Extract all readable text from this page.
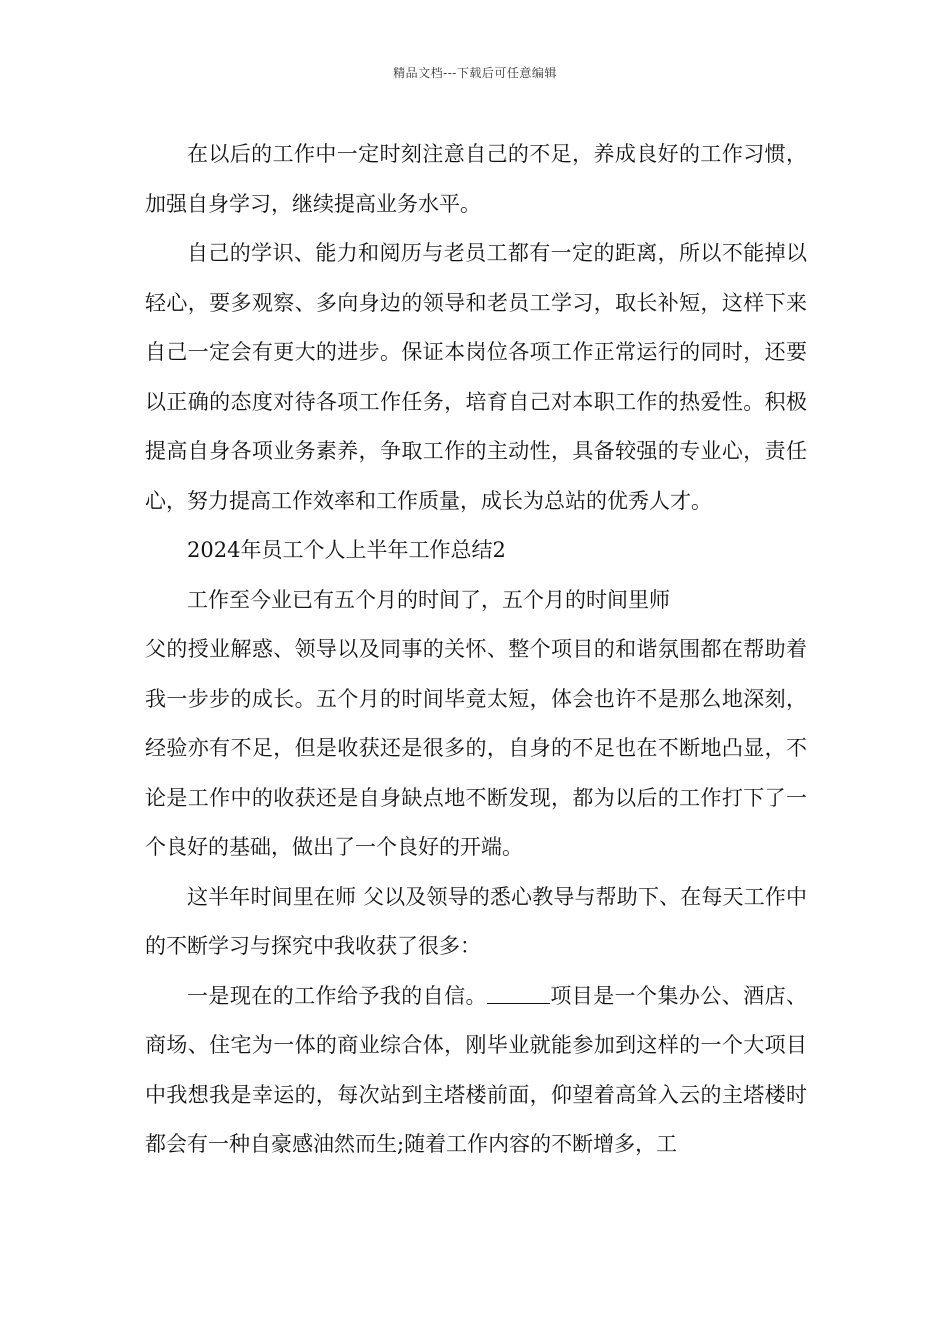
精品文档---下载后可任意编辑

在以后的工作中一定时刻注意自己的不足，养成良好的工作习惯，加强自身学习，继续提高业务水平。

自己的学识、能力和阅历与老员工都有一定的距离，所以不能掉以轻心，要多观察、多向身边的领导和老员工学习，取长补短，这样下来自己一定会有更大的进步。保证本岗位各项工作正常运行的同时，还要以正确的态度对待各项工作任务，培育自己对本职工作的热爱性。积极提高自身各项业务素养，争取工作的主动性，具备较强的专业心，责任心，努力提高工作效率和工作质量，成长为总站的优秀人才。

2024年员工个人上半年工作总结2

工作至今业已有五个月的时间了，五个月的时间里师

父的授业解惑、领导以及同事的关怀、整个项目的和谐氛围都在帮助着我一步步的成长。五个月的时间毕竟太短，体会也许不是那么地深刻，经验亦有不足，但是收获还是很多的，自身的不足也在不断地凸显，不论是工作中的收获还是自身缺点地不断发现，都为以后的工作打下了一个良好的基础，做出了一个良好的开端。

这半年时间里在师 父以及领导的悉心教导与帮助下、在每天工作中的不断学习与探究中我收获了很多：

一是现在的工作给予我的自信。	项目是一个集办公、酒店、商场、住宅为一体的商业综合体，刚毕业就能参加到这样的一个大项目中我想我是幸运的，每次站到主塔楼前面，仰望着高耸入云的主塔楼时都会有一种自豪感油然而生;随着工作内容的不断增多，工
